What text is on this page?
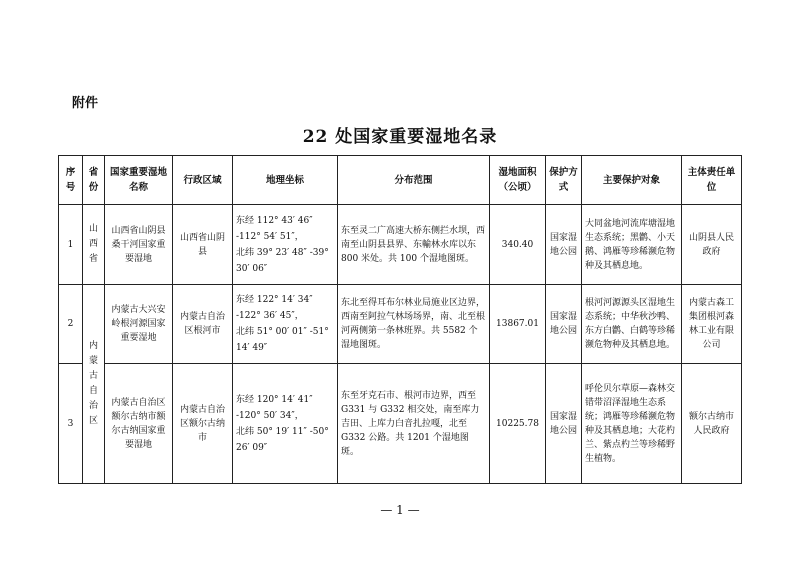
附件
22 处国家重要湿地名录
序号	省份	国家重要湿地名称	行政区域	地理坐标	分布范围	湿地面积（公顷）	保护方式	主要保护对象	主体责任单位
1	山西省	山西省山阴县桑干河国家重要湿地	山西省山阴县	东经 112° 43′ 46″ -112° 54′ 51″，
北纬 39° 23′ 48″ -39° 30′ 06″	东至灵二广高速大桥东侧拦水坝，西南至山阴县县界、东輸林水库以东 800 米处。共 100 个湿地图斑。	340.40	国家湿地公园	大同盆地河流库塘湿地生态系统；黑鹳、小天鹅、鸿雁等珍稀濒危物种及其栖息地。	山阴县人民政府
2	内蒙古自治区	内蒙古大兴安岭根河源国家重要湿地	内蒙古自治区根河市	东经 122° 14′ 34″ -122° 36′ 45″，
北纬 51° 00′ 01″ -51° 14′ 49″	东北至得耳布尔林业局施业区边界，西南至阿拉气林场场界，南、北至根河两侧第一条林班界。共 5582 个湿地图斑。	13867.01	国家湿地公园	根河河源源头区湿地生态系统；中华秋沙鸭、东方白鹳、白鹤等珍稀濒危物种及其栖息地。	内蒙古森工集团根河森林工业有限公司
3		内蒙古自治区额尔古纳市额尔古纳国家重要湿地	内蒙古自治区额尔古纳市	东经 120° 14′ 41″ -120° 50′ 34″，
北纬 50° 19′ 11″ -50° 26′ 09″	东至牙克石市、根河市边界，西至 G331 与 G332 相交处，南至库力吉田、上库力白音扎拉嘎，北至 G332 公路。共 1201 个湿地图斑。	10225.78	国家湿地公园	呼伦贝尔草原—森林交错带沼泽湿地生态系统；鸿雁等珍稀濒危物种及其栖息地；大花杓兰、紫点杓兰等珍稀野生植物。	额尔古纳市人民政府
— 1 —
